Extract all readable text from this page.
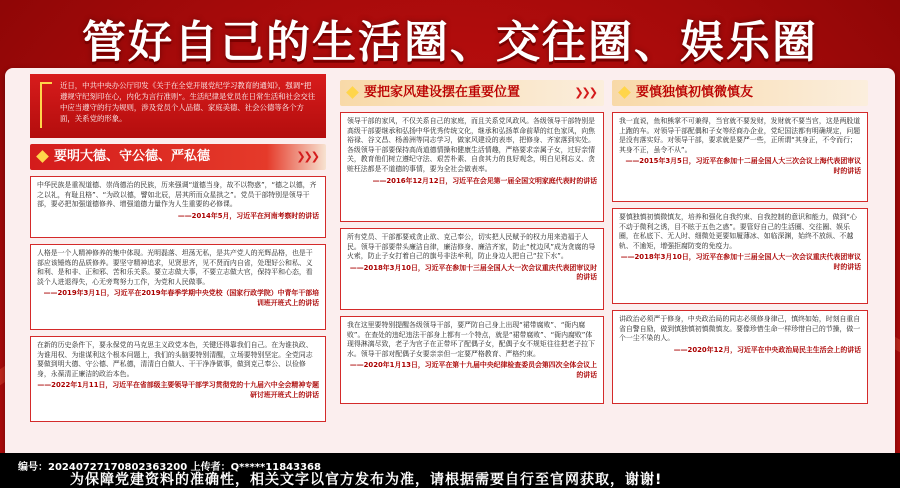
管好自己的生活圈、交往圈、娱乐圈
近日，中共中央办公厅印发《关于在全党开展党纪学习教育的通知》，强调“把遵规守纪刻印在心，内化为言行准则”。生活纪律是党员在日常生活和社会交往中应当遵守的行为规则，涉及党员个人品德、家庭美德、社会公德等各个方面，关系党的形象。
要明大德、守公德、严私德	❯❯❯
中华民族是重视道德、崇尚德治的民族，历来强调“道德当身，故不以物惑”，“德之以德，齐之以礼，有耻且格”、“为政以德，譬如北辰，居其所而众星拱之”。党员干部特别是领导干部，要必把加强道德修养、增强道德力量作为人生重要的必修课。
——2014年5月，习近平在河南考察时的讲话
人格是一个人精神修养的集中体现。光明磊落、坦荡无私，是共产党人的光辉品格，也是干部应该锤炼的品质修养。要坚守精神追求，见贤思齐，见不贤而内自省，处理好公和私、义和利、是和非、正和邪、苦和乐关系。要立志做大事，不要立志做大官，保持平和心态，看淡个人进退得失，心无旁骛努力工作，为党和人民做事。
——2019年3月1日，习近平在2019年春季学期中央党校（国家行政学院）中青年干部培训班开班式上的讲话
在新的历史条件下，要永保党的马克思主义政党本色，关键还得靠我们自己。在为谁执政、为谁用权、为谁谋利这个根本问题上，我们的头脑要特别清醒，立场要特别坚定。全党同志要做到明大德、守公德、严私德，清清白白做人、干干净净做事，做到克己奉公、以俭修身，永葆清正廉洁的政治本色。
——2022年1月11日，习近平在省部级主要领导干部学习贯彻党的十九届六中全会精神专题研讨班开班式上的讲话
要把家风建设摆在重要位置	❯❯❯
领导干部的家风，不仅关系自己的家庭，而且关系党风政风。各级领导干部特别是高级干部要继承和弘扬中华优秀传统文化，继承和弘扬革命前辈的红色家风，向焦裕禄、谷文昌、杨善洲等同志学习，做家风建设的表率，把修身、齐家落到实处。各级领导干部要保持高尚道德情操和健康生活情趣，严格要求亲属子女，过好亲情关，教育他们树立遵纪守法、艰苦朴素、自食其力的良好观念，明白见利忘义、贪赃枉法都是不道德的事情，要为全社会做表率。
——2016年12月12日，习近平在会见第一届全国文明家庭代表时的讲话
所有党员、干部都要戒贪止欲、克己奉公，切实把人民赋予的权力用来造福于人民。领导干部要带头廉洁自律，廉洁修身、廉洁齐家，防止“枕边风”成为贪腐的导火索，防止子女打着自己的旗号非法牟利，防止身边人把自己“拉下水”。
——2018年3月10日，习近平在参加十三届全国人大一次会议重庆代表团审议时的讲话
我在这里要特别提醒各级领导干部，要严防自己身上出现“裙带腐败”、“衙内腐败”。在查处的违纪违法干部身上都有一个特点，就是“裙带腐败”、“衙内腐败”体现得淋漓尽致，老子为官子在正带坏了配偶子女，配偶子女不规矩往往把老子拉下水。领导干部对配偶子女要亲亲但一定要严格教育、严格约束。
——2020年1月13日，习近平在第十九届中央纪律检查委员会第四次全体会议上的讲话
要慎独慎初慎微慎友
我一直说，鱼和熊掌不可兼得，当官就不要发财，发财就不要当官，这是两股道上跑的车。对领导干部配偶和子女等经商办企业，党纪国法都有明确规定，问题是没有落实好。对领导干部，要求就是要严一些，正所谓“其身正，不令而行；其身不正，虽令不从”。
——2015年3月5日，习近平在参加十二届全国人大三次会议上海代表团审议时的讲话
要慎独慎初慎微慎友，培养和强化自我约束、自我控制的意识和能力，做到“心不动于微利之诱，目不眩于五色之惑”。要管好自己的生活圈、交往圈、娱乐圈，在私底下、无人时、细微处更要如履薄冰、如临深渊，始终不放纵、不越轨、不逾矩，增强拒腐防变的免疫力。
——2018年3月10日，习近平在参加十三届全国人大一次会议重庆代表团审议时的讲话
讲政治必须严于修身，中央政治局的同志必须修身律己，慎终如始，时刻自重自省自警自励，做到慎独慎初慎微慎友。要像珍惜生命一样珍惜自己的节操，做一个一尘不染的人。
——2020年12月，习近平在中央政治局民主生活会上的讲话
编号：20240727170802363200 上传者：Q*****11843368
为保障党建资料的准确性，相关文字以官方发布为准，请根据需要自行至官网获取，谢谢!
